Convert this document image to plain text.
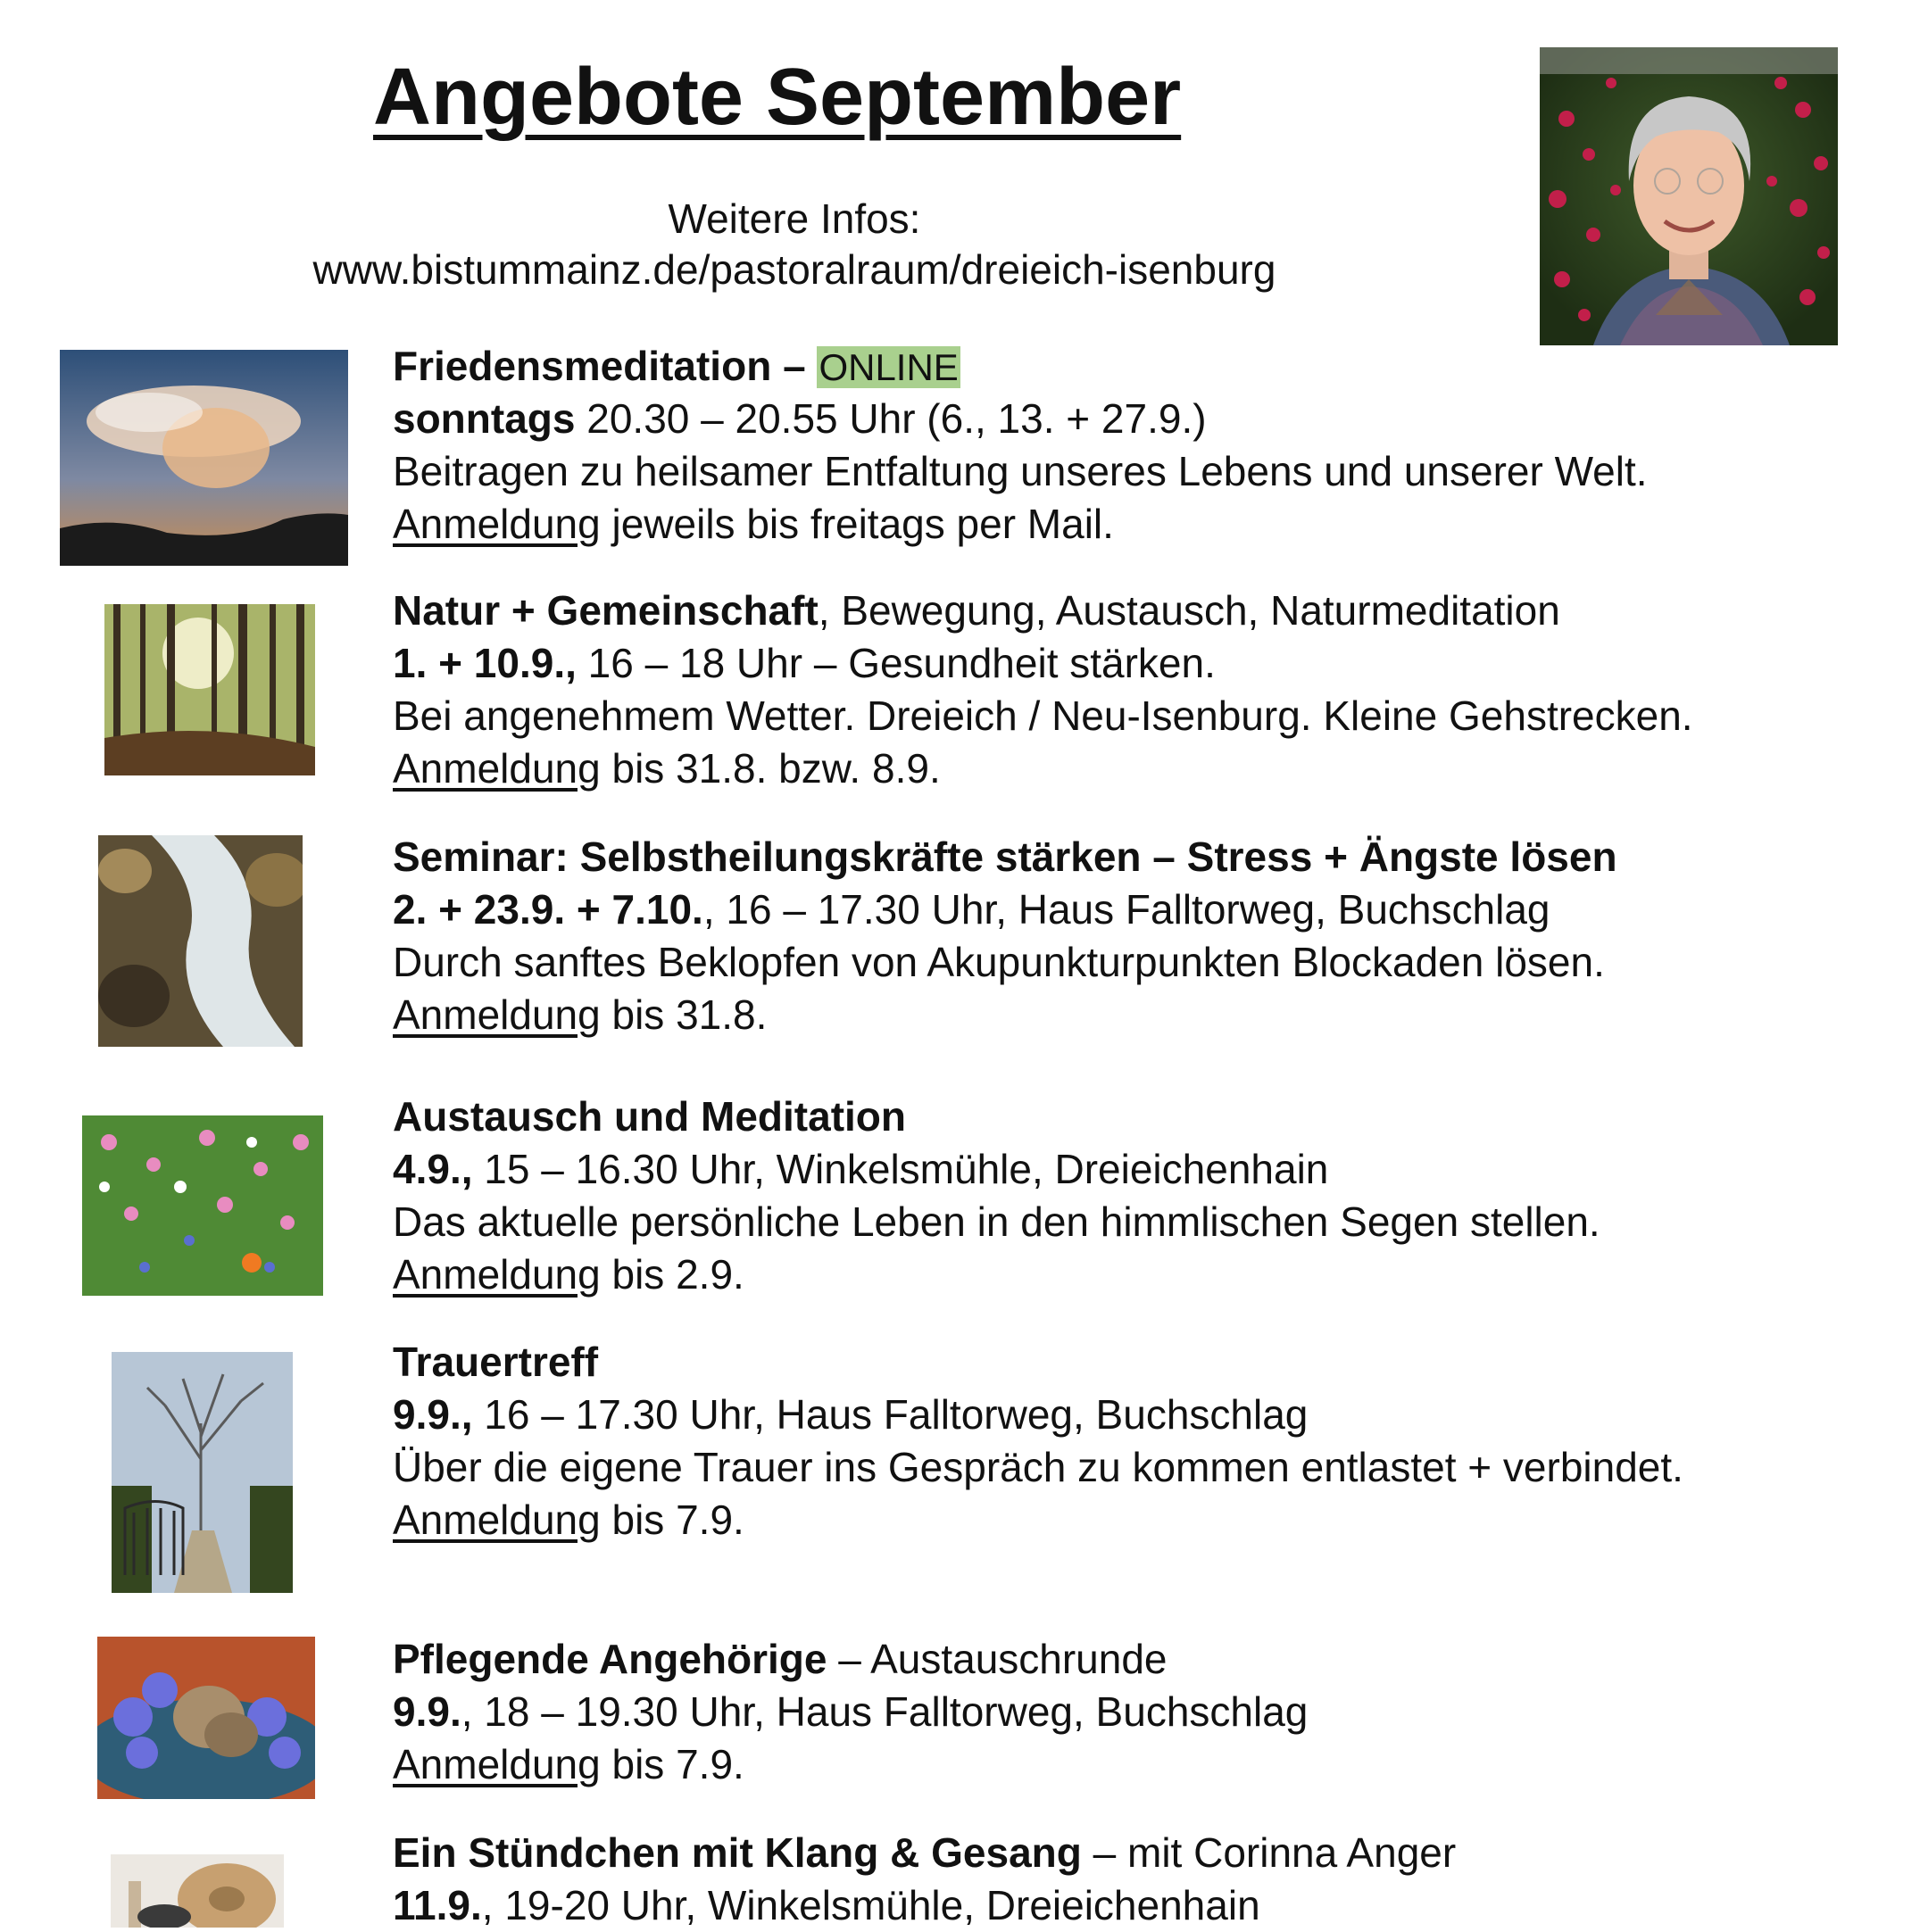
Angebote September
Weitere Infos:
www.bistummainz.de/pastoralraum/dreieich-isenburg
Friedensmeditation – ONLINE
sonntags 20.30 – 20.55 Uhr (6., 13. + 27.9.)
Beitragen zu heilsamer Entfaltung unseres Lebens und unserer Welt.
Anmeldung jeweils bis freitags per Mail.
Natur + Gemeinschaft, Bewegung, Austausch, Naturmeditation
1. + 10.9., 16 – 18 Uhr – Gesundheit stärken.
Bei angenehmem Wetter. Dreieich / Neu-Isenburg. Kleine Gehstrecken.
Anmeldung bis 31.8. bzw. 8.9.
Seminar: Selbstheilungskräfte stärken – Stress + Ängste lösen
2. + 23.9. + 7.10., 16 – 17.30 Uhr, Haus Falltorweg, Buchschlag
Durch sanftes Beklopfen von Akupunkturpunkten Blockaden lösen.
Anmeldung bis 31.8.
Austausch und Meditation
4.9., 15 – 16.30 Uhr, Winkelsmühle, Dreieichenhain
Das aktuelle persönliche Leben in den himmlischen Segen stellen.
Anmeldung bis 2.9.
Trauertreff
9.9., 16 – 17.30 Uhr, Haus Falltorweg, Buchschlag
Über die eigene Trauer ins Gespräch zu kommen entlastet + verbindet.
Anmeldung bis 7.9.
Pflegende Angehörige – Austauschrunde
9.9., 18 – 19.30 Uhr, Haus Falltorweg, Buchschlag
Anmeldung bis 7.9.
Ein Stündchen mit Klang & Gesang – mit Corinna Anger
11.9., 19-20 Uhr, Winkelsmühle, Dreieichenhain
